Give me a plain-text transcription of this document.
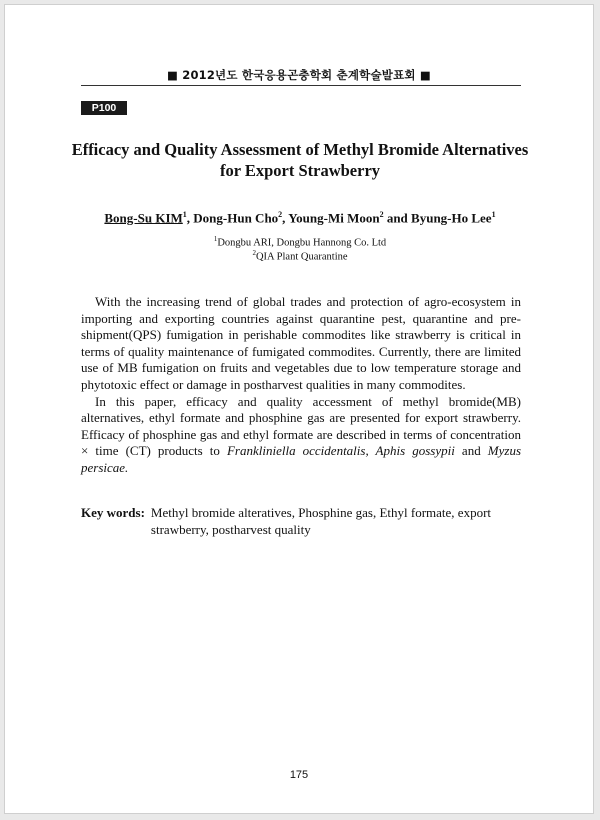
■ 2012년도 한국응용곤충학회 춘계학술발표회 ■
P100
Efficacy and Quality Assessment of Methyl Bromide Alternatives
for Export Strawberry

Bong-Su KIM$^1$, Dong-Hun Cho$^2$, Young-Mi Moon$^2$ and Byung-Ho Lee$^1$

$^1$Dongbu ARI, Dongbu Hannong Co. Ltd

$^2$QIA Plant Quarantine

With the increasing trend of global trades and protection of agro-ecosystem in importing and exporting countries against quarantine pest, quarantine and pre-shipment(QPS) fumigation in perishable commodites like strawberry is critical in terms of quality maintenance of fumigated commodites. Currently, there are limited use of MB fumigation on fruits and vegetables due to low temperature storage and phytotoxic effect or damage in postharvest qualities in many commodites.

In this paper, efficacy and quality accessment of methyl bromide(MB) alternatives, ethyl formate and phosphine gas are presented for export strawberry. Efficacy of phosphine gas and ethyl formate are described in terms of concentration × time (CT) products to Frankliniella occidentalis, Aphis gossypii and Myzus persicae.

Key words: Methyl bromide alteratives, Phosphine gas, Ethyl formate, export strawberry, postharvest quality
175
